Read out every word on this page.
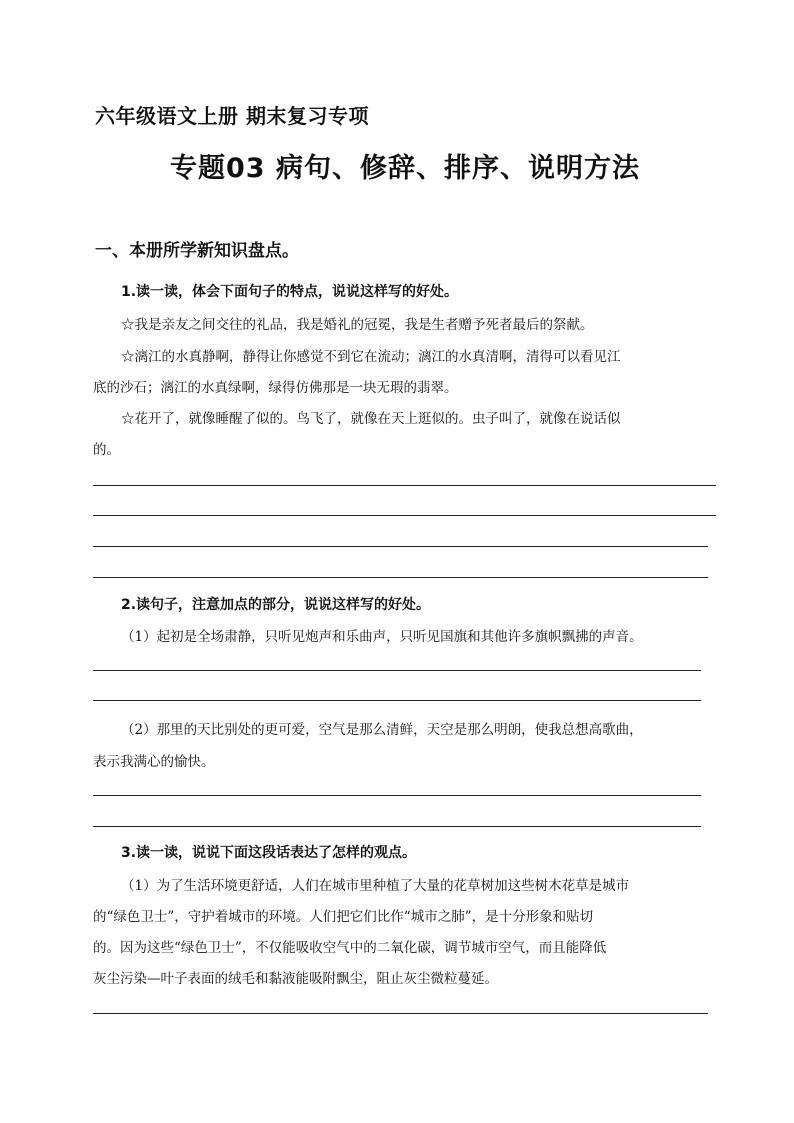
六年级语文上册 期末复习专项
专题03 病句、修辞、排序、说明方法
一、本册所学新知识盘点。
1.读一读，体会下面句子的特点，说说这样写的好处。
☆我是亲友之间交往的礼品，我是婚礼的冠冕，我是生者赠予死者最后的祭献。
☆漓江的水真静啊，静得让你感觉不到它在流动；漓江的水真清啊，清得可以看见江
底的沙石；漓江的水真绿啊，绿得仿佛那是一块无瑕的翡翠。
☆花开了，就像睡醒了似的。鸟飞了，就像在天上逛似的。虫子叫了，就像在说话似
的。
2.读句子，注意加点的部分，说说这样写的好处。
（1）起初是全场肃静，只听见炮声和乐曲声，只听见国旗和其他许多旗帜飘拂的声音。
（2）那里的天比别处的更可爱，空气是那么清鲜，天空是那么明朗，使我总想高歌曲，
表示我满心的愉快。
3.读一读，说说下面这段话表达了怎样的观点。
（1）为了生活环境更舒适，人们在城市里种植了大量的花草树加这些树木花草是城市
的“绿色卫士”，守护着城市的环境。人们把它们比作“城市之肺”，是十分形象和贴切
的。因为这些“绿色卫士”，不仅能吸收空气中的二氧化碳，调节城市空气，而且能降低
灰尘污染—叶子表面的绒毛和黏液能吸附飘尘，阻止灰尘微粒蔓延。
